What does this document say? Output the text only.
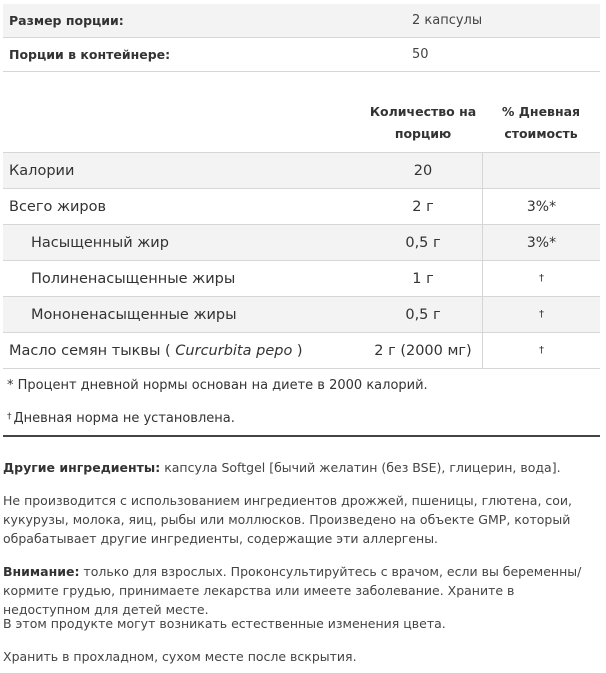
Размер порции:	2 капсулы
Порции в контейнере:	50
Количество на
порцию
% Дневная
стоимость
Калории	20
Всего жиров	2 г	3%*
Насыщенный жир	0,5 г	3%*
Полиненасыщенные жиры	1 г	†
Мононенасыщенные жиры	0,5 г	†
Масло семян тыквы (
Curcurbita pepo
)	2 г (2000 мг)	†
* Процент дневной нормы основан на диете в 2000 калорий.
† Дневная норма не установлена.
Другие ингредиенты: капсула Softgel [бычий желатин (без BSE), глицерин, вода].
Не производится с использованием ингредиентов дрожжей, пшеницы, глютена, сои, кукурузы, молока, яиц, рыбы или моллюсков. Произведено на объекте GMP, который обрабатывает другие ингредиенты, содержащие эти аллергены.
Внимание: только для взрослых. Проконсультируйтесь с врачом, если вы беременны/кормите грудью, принимаете лекарства или имеете заболевание. Храните в недоступном для детей месте.
В этом продукте могут возникать естественные изменения цвета.
Хранить в прохладном, сухом месте после вскрытия.
